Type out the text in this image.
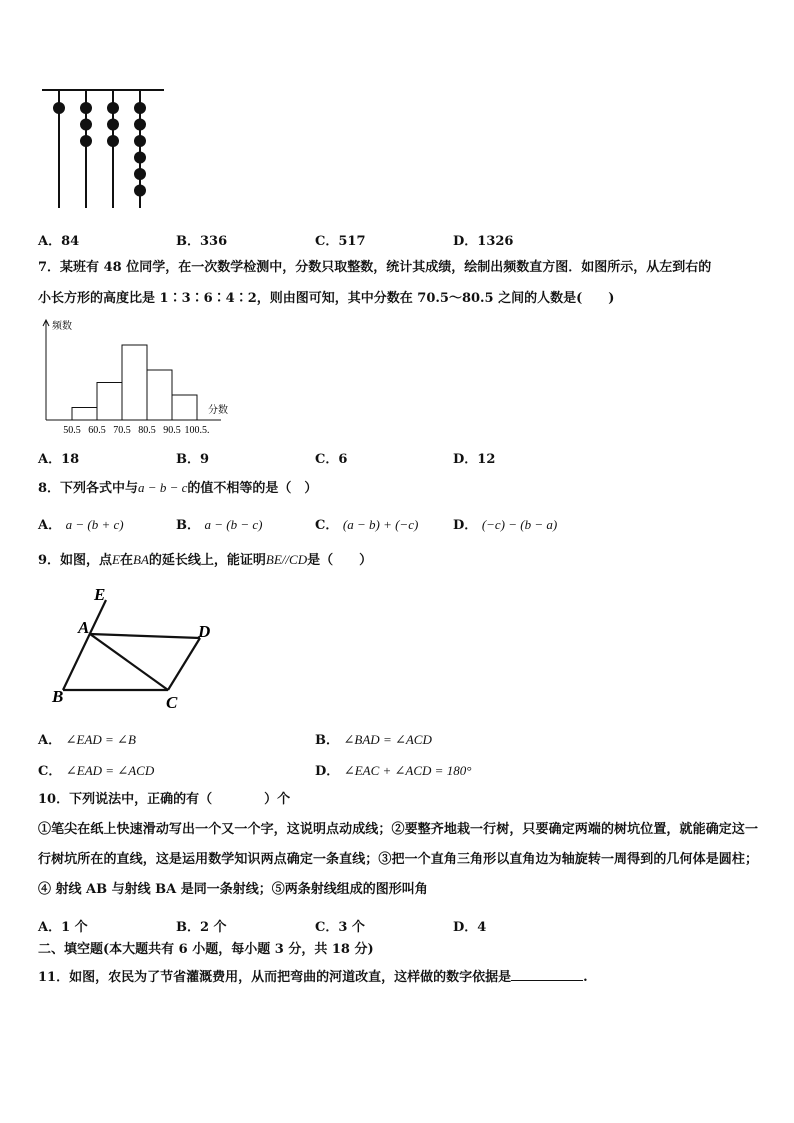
A．84	B．336	C．517	D．1326
7．某班有 48 位同学，在一次数学检测中，分数只取整数，统计其成绩，绘制出频数直方图．如图所示，从左到右的
小长方形的高度比是 1∶3∶6∶4∶2，则由图可知，其中分数在 70.5～80.5 之间的人数是(　　)
频数
分数
50.5 60.5 70.5 80.5 90.5 100.5.
A．18	B．9	C．6	D．12
8．下列各式中与a − b − c的值不相等的是（　）
A． a − (b + c)	B． a − (b − c)	C． (a − b) + (−c)	D． (−c) − (b − a)
9．如图，点E在BA的延长线上，能证明BE//CD是（　　）
E
A	D
B	C
A． ∠EAD = ∠B	B． ∠BAD = ∠ACD
C． ∠EAD = ∠ACD	D． ∠EAC + ∠ACD = 180°
10．下列说法中，正确的有（　　　　）个
①笔尖在纸上快速滑动写出一个又一个字，这说明点动成线；②要整齐地栽一行树，只要确定两端的树坑位置，就能确定这一行树坑所在的直线，这是运用数学知识两点确定一条直线；③把一个直角三角形以直角边为轴旋转一周得到的几何体是圆柱；④ 射线 AB 与射线 BA 是同一条射线；⑤两条射线组成的图形叫角
A．1 个	B．2 个	C．3 个	D．4
二、填空题(本大题共有 6 小题，每小题 3 分，共 18 分)
11．如图，农民为了节省灌溉费用，从而把弯曲的河道改直，这样做的数字依据是	.
